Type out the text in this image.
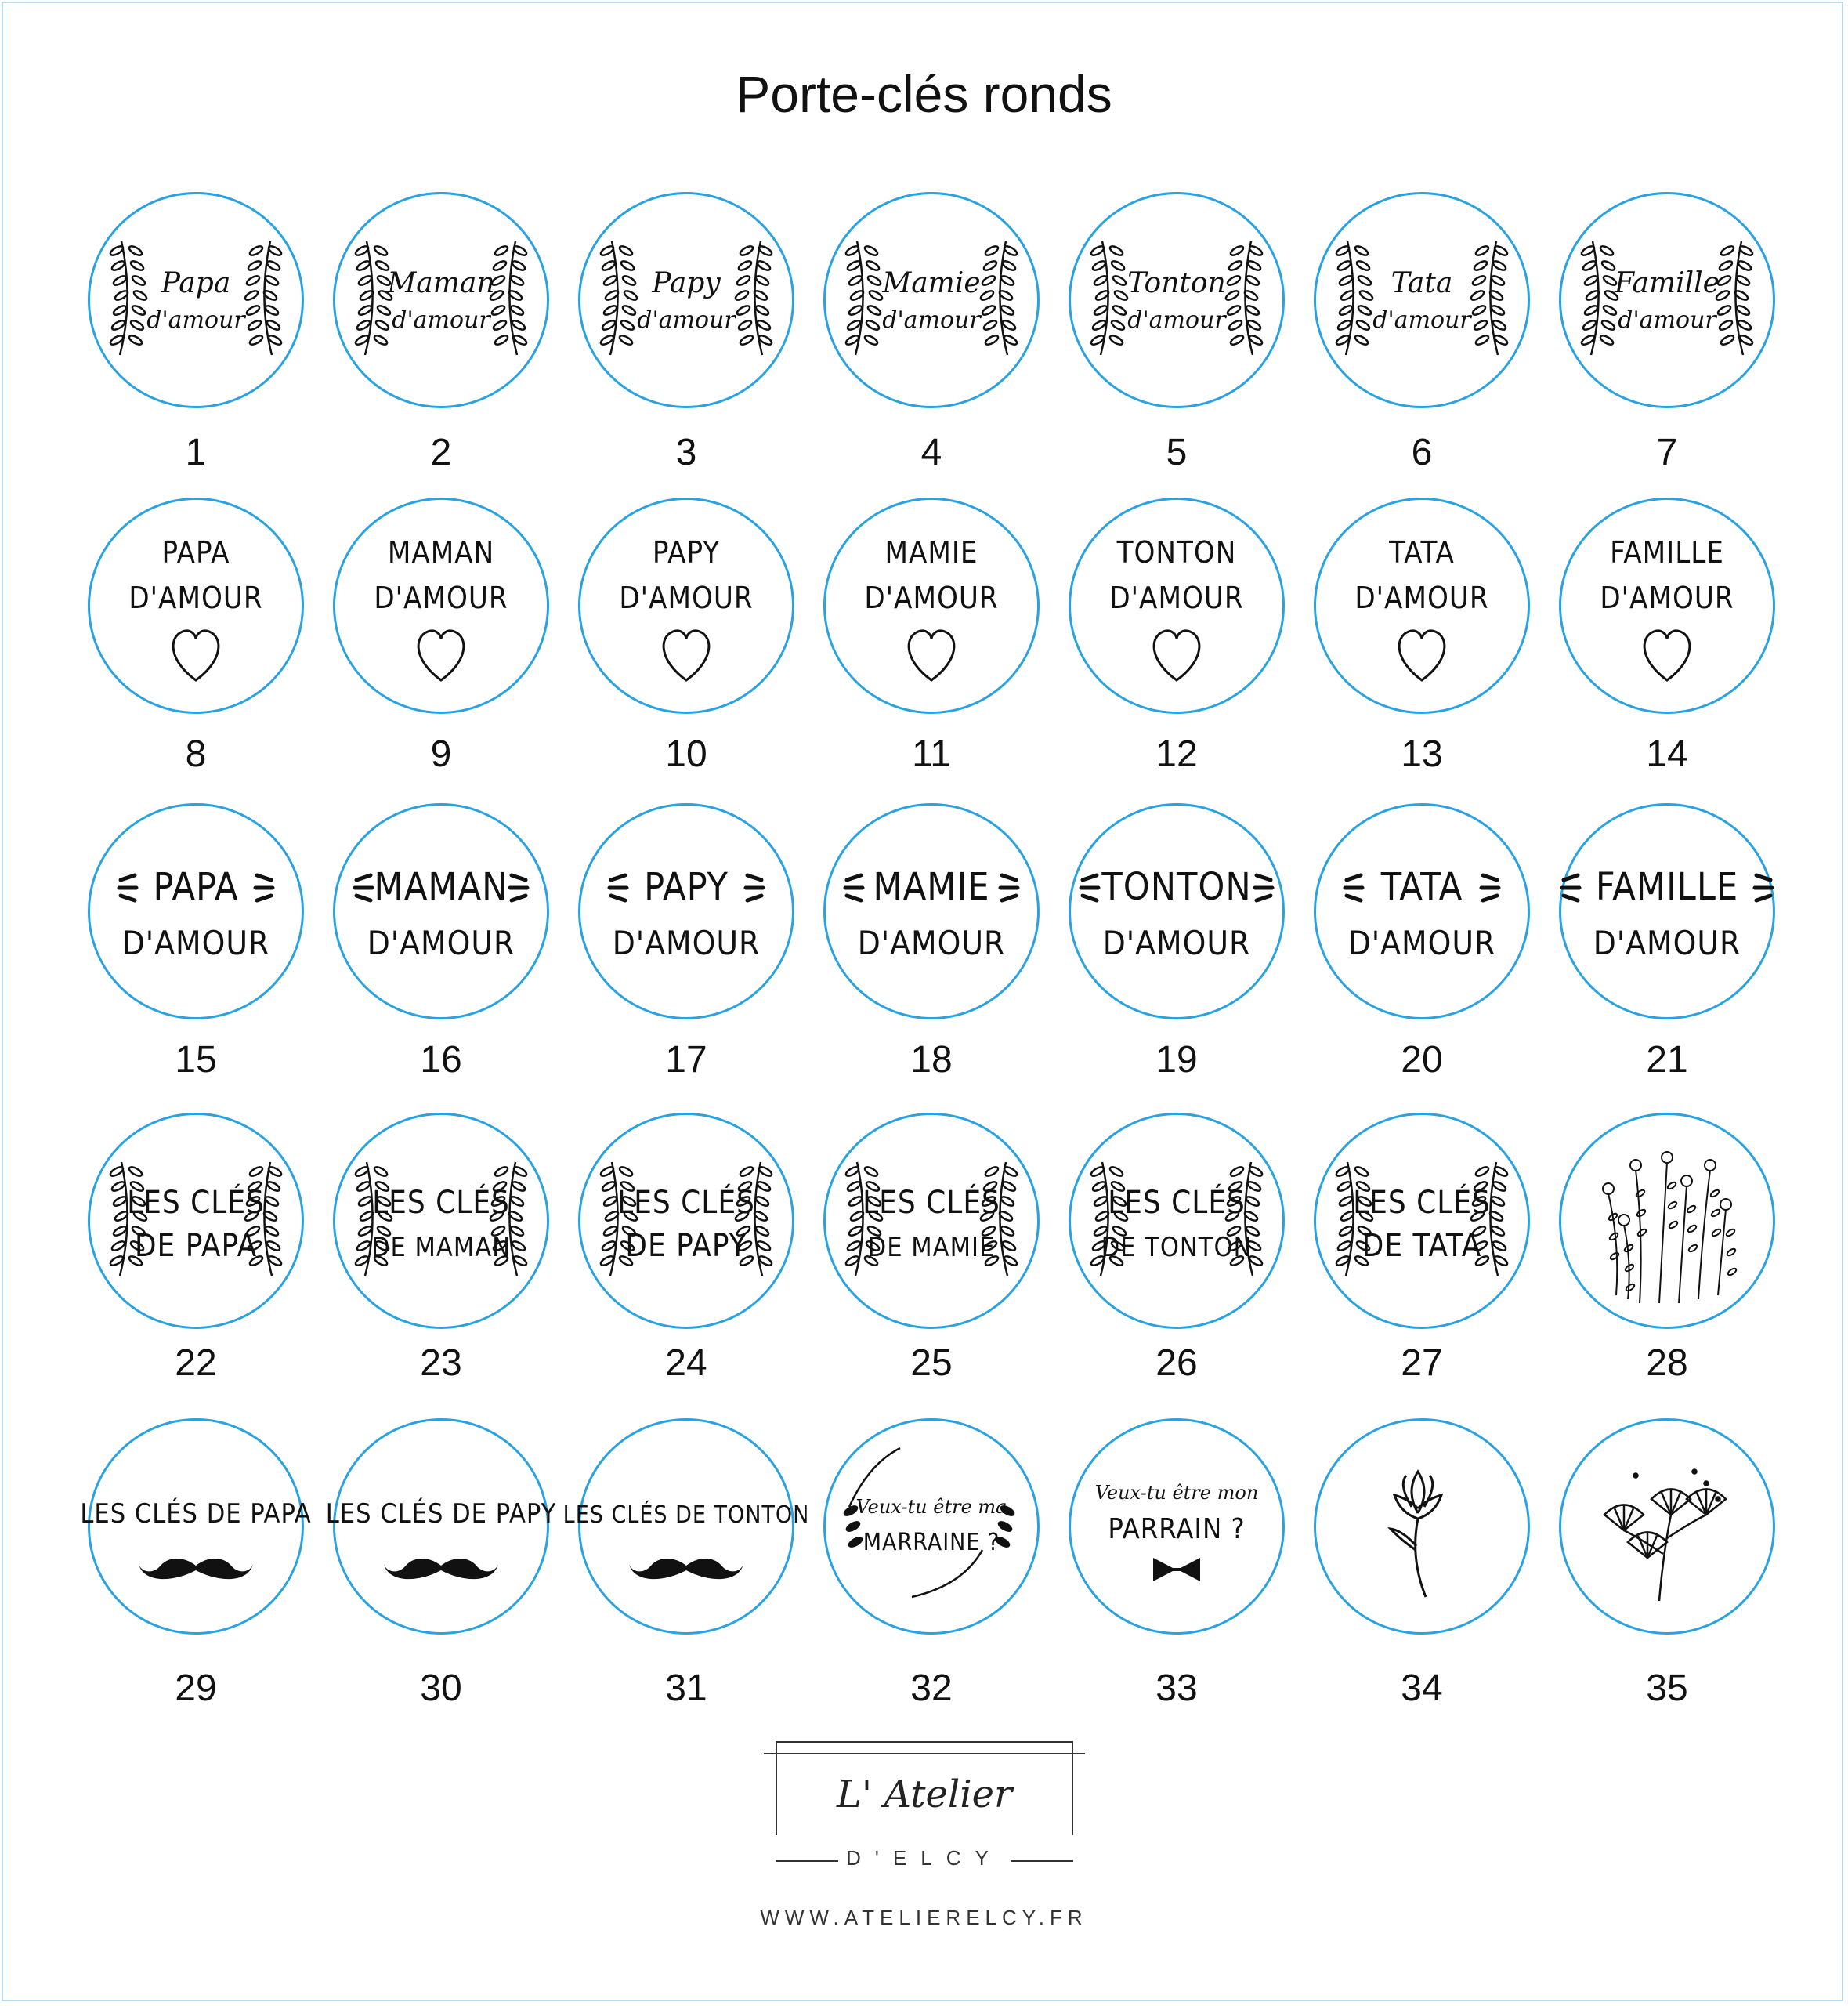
Porte-clés ronds
Papa
d'amour
1
Maman
d'amour
2
Papy
d'amour
3
Mamie
d'amour
4
Tonton
d'amour
5
Tata
d'amour
6
Famille
d'amour
7
PAPA
D'AMOUR
8
MAMAN
D'AMOUR
9
PAPY
D'AMOUR
10
MAMIE
D'AMOUR
11
TONTON
D'AMOUR
12
TATA
D'AMOUR
13
FAMILLE
D'AMOUR
14
PAPA
D'AMOUR
15
MAMAN
D'AMOUR
16
PAPY
D'AMOUR
17
MAMIE
D'AMOUR
18
TONTON
D'AMOUR
19
TATA
D'AMOUR
20
FAMILLE
D'AMOUR
21
LES CLÉS
DE PAPA
22
LES CLÉS
DE MAMAN
23
LES CLÉS
DE PAPY
24
LES CLÉS
DE MAMIE
25
LES CLÉS
DE TONTON
26
LES CLÉS
DE TATA
27	28
LES CLÉS DE PAPA
29
LES CLÉS DE PAPY
30
LES CLÉS DE TONTON
31
Veux-tu être ma
MARRAINE ?
32
Veux-tu être mon
PARRAIN ?
33	34	35
L' Atelier
D'ELCY
WWW.ATELIERELCY.FR
